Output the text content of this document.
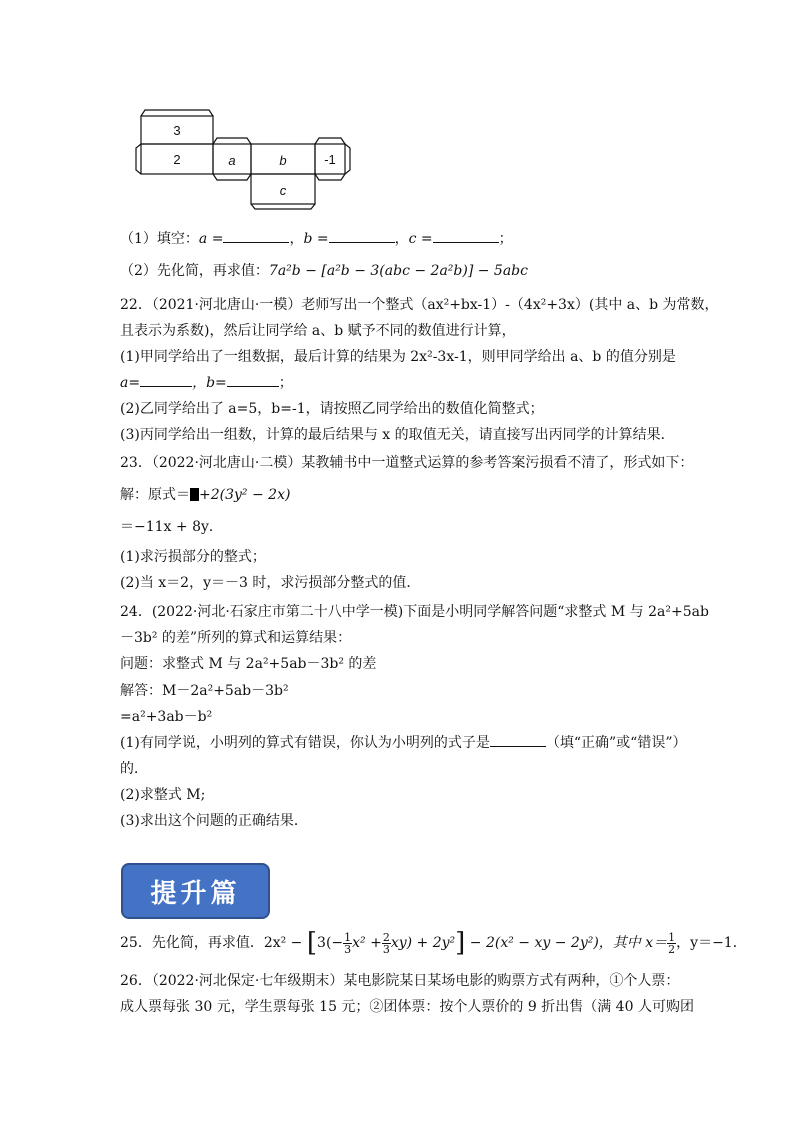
3
2	a	b	-1
c
（1）填空：a =	，b =	，c =	；
（2）先化简，再求值：7a²b − [a²b − 3(abc − 2a²b)] − 5abc
22．（2021·河北唐山·一模）老师写出一个整式（ax²+bx-1）-（4x²+3x）(其中 a、b 为常数，
且表示为系数)，然后让同学给 a、b 赋予不同的数值进行计算，
(1)甲同学给出了一组数据，最后计算的结果为 2x²-3x-1，则甲同学给出 a、b 的值分别是
a=	，b=	；
(2)乙同学给出了 a=5，b=-1，请按照乙同学给出的数值化简整式；
(3)丙同学给出一组数，计算的最后结果与 x 的取值无关，请直接写出丙同学的计算结果．
23．（2022·河北唐山·二模）某教辅书中一道整式运算的参考答案污损看不清了，形式如下：
解：原式＝ +2(3y² − 2x)
＝−11x + 8y．
(1)求污损部分的整式；
(2)当 x＝2，y＝－3 时，求污损部分整式的值．
24．(2022·河北·石家庄市第二十八中学一模)下面是小明同学解答问题“求整式 M 与 2a²+5ab
－3b² 的差”所列的算式和运算结果：
问题：求整式 M 与 2a²+5ab－3b² 的差
解答：M－2a²+5ab－3b²
=a²+3ab－b²
(1)有同学说，小明列的算式有错误，你认为小明列的式子是	（填“正确”或“错误”）
的．
(2)求整式 M;
(3)求出这个问题的正确结果．
提升篇
25．先化简，再求值．$2x^2 - [3(- \frac{1}{3} x^2 + \frac{2}{3} xy) + 2y^2] - 2(x^2$ − xy − 2y²)，其中 $x= \frac{1}{2}$ ，y＝−1．
26．（2022·河北保定·七年级期末）某电影院某日某场电影的购票方式有两种，①个人票：
成人票每张 30 元，学生票每张 15 元；②团体票：按个人票价的 9 折出售（满 40 人可购团
